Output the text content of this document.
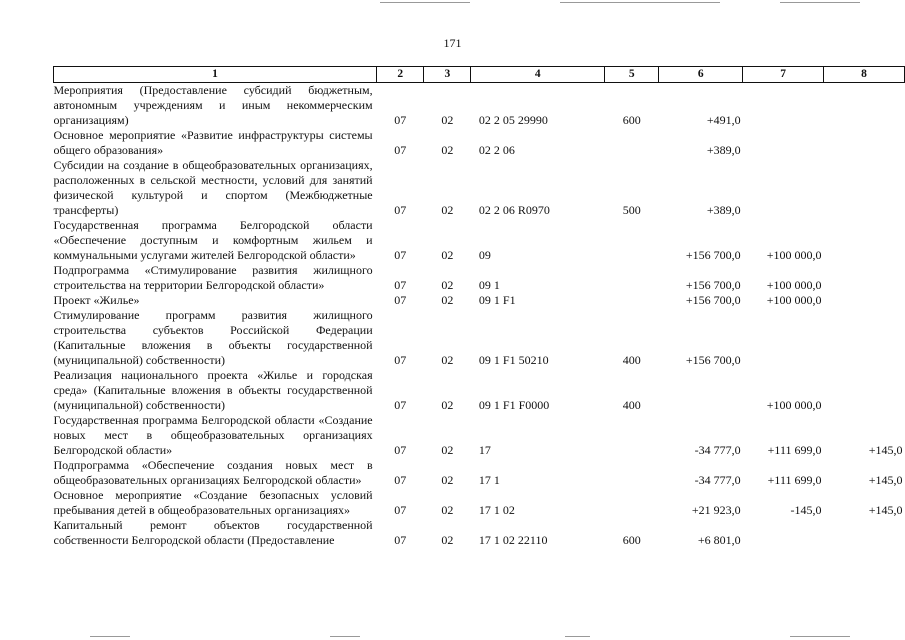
171
1	2	3	4	5	6	7	8
Мероприятия (Предоставление субсидий бюджетным, автономным учреждениям и иным некоммерческим организациям)	07	02	02 2 05 29990	600	+491,0		
Основное мероприятие «Развитие инфраструктуры системы общего образования»	07	02	02 2 06		+389,0		
Субсидии на создание в общеобразовательных организациях, расположенных в сельской местности, условий для занятий физической культурой и спортом (Межбюджетные трансферты)	07	02	02 2 06 R0970	500	+389,0		
Государственная программа Белгородской области «Обеспечение доступным и комфортным жильем и коммунальными услугами жителей Белгородской области»	07	02	09		+156 700,0	+100 000,0	
Подпрограмма «Стимулирование развития жилищного строительства на территории Белгородской области»	07	02	09 1		+156 700,0	+100 000,0	
Проект «Жилье»	07	02	09 1 F1		+156 700,0	+100 000,0	
Стимулирование программ развития жилищного строительства субъектов Российской Федерации (Капитальные вложения в объекты государственной (муниципальной) собственности)	07	02	09 1 F1 50210	400	+156 700,0		
Реализация национального проекта «Жилье и городская среда» (Капитальные вложения в объекты государственной (муниципальной) собственности)	07	02	09 1 F1 F0000	400		+100 000,0	
Государственная программа Белгородской области «Создание новых мест в общеобразовательных организациях Белгородской области»	07	02	17		-34 777,0	+111 699,0	+145,0
Подпрограмма «Обеспечение создания новых мест в общеобразовательных организациях Белгородской области»	07	02	17 1		-34 777,0	+111 699,0	+145,0
Основное мероприятие «Создание безопасных условий пребывания детей в общеобразовательных организациях»	07	02	17 1 02		+21 923,0	-145,0	+145,0
Капитальный ремонт объектов государственной собственности Белгородской области (Предоставление	07	02	17 1 02 22110	600	+6 801,0		
